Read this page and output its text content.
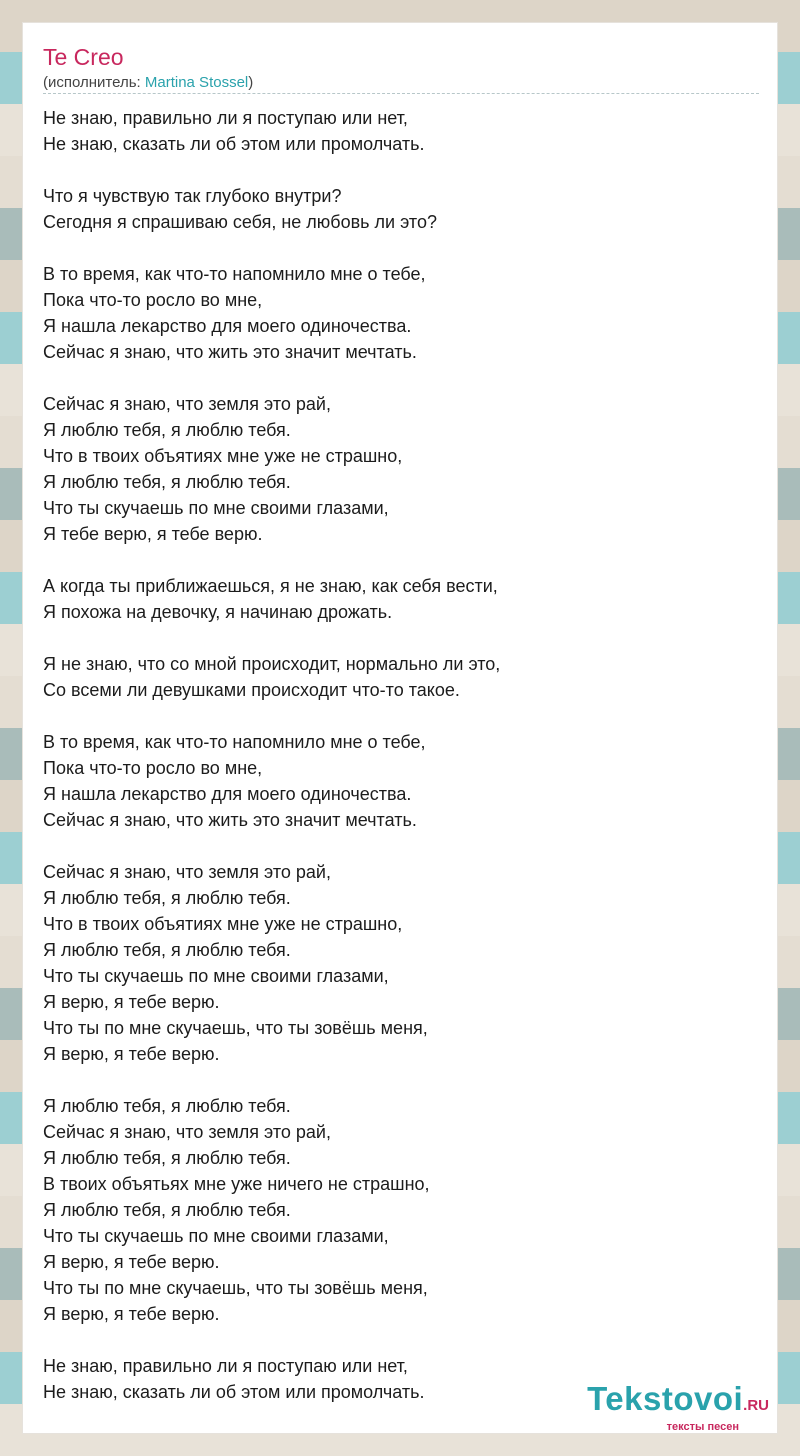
Te Creo
(исполнитель: Martina Stossel)
Не знаю, правильно ли я поступаю или нет,
Не знаю, сказать ли об этом или промолчать.
Что я чувствую так глубоко внутри?
Сегодня я спрашиваю себя, не любовь ли это?
В то время, как что-то напомнило мне о тебе,
Пока что-то росло во мне,
Я нашла лекарство для моего одиночества.
Сейчас я знаю, что жить это значит мечтать.
Сейчас я знаю, что земля это рай,
Я люблю тебя, я люблю тебя.
Что в твоих объятиях мне уже не страшно,
Я люблю тебя, я люблю тебя.
Что ты скучаешь по мне своими глазами,
Я тебе верю, я тебе верю.
А когда ты приближаешься, я не знаю, как себя вести,
Я похожа на девочку, я начинаю дрожать.
Я не знаю, что со мной происходит, нормально ли это,
Со всеми ли девушками происходит что-то такое.
В то время, как что-то напомнило мне о тебе,
Пока что-то росло во мне,
Я нашла лекарство для моего одиночества.
Сейчас я знаю, что жить это значит мечтать.
Сейчас я знаю, что земля это рай,
Я люблю тебя, я люблю тебя.
Что в твоих объятиях мне уже не страшно,
Я люблю тебя, я люблю тебя.
Что ты скучаешь по мне своими глазами,
Я верю, я тебе верю.
Что ты по мне скучаешь, что ты зовёшь меня,
Я верю, я тебе верю.
Я люблю тебя, я люблю тебя.
Сейчас я знаю, что земля это рай,
Я люблю тебя, я люблю тебя.
В твоих объятьях мне уже ничего не страшно,
Я люблю тебя, я люблю тебя.
Что ты скучаешь по мне своими глазами,
Я верю, я тебе верю.
Что ты по мне скучаешь, что ты зовёшь меня,
Я верю, я тебе верю.
Не знаю, правильно ли я поступаю или нет,
Не знаю, сказать ли об этом или промолчать.	Tekstovoi.RU
тексты песен
